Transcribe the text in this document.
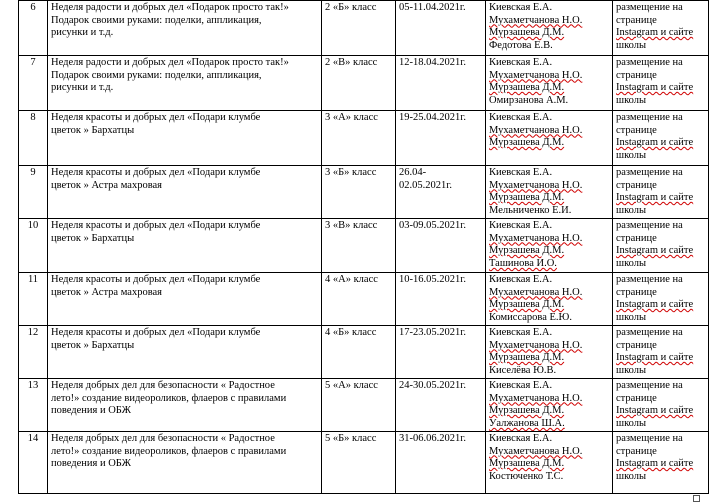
6	Неделя радости и добрых дел «Подарок просто так!»
Подарок своими руками: поделки, аппликация,
рисунки и т.д.	2 «Б» класс	05-11.04.2021г.	Киевская Е.А.
Мухаметчанова Н.О.
Мурзашева Д.М.
Федотова Е.В.	размещение на
странице
Instagram и сайте
школы

7	Неделя радости и добрых дел «Подарок просто так!»
Подарок своими руками: поделки, аппликация,
рисунки и т.д.	2 «В» класс	12-18.04.2021г.	Киевская Е.А.
Мухаметчанова Н.О.
Мурзашева Д.М.
Омирзанова А.М.	размещение на
странице
Instagram и сайте
школы

8	Неделя красоты и добрых дел «Подари клумбе
цветок » Бархатцы	3 «А» класс	19-25.04.2021г.	Киевская Е.А.
Мухаметчанова Н.О.
Мурзашева Д.М.	размещение на
странице
Instagram и сайте
школы

9	Неделя красоты и добрых дел «Подари клумбе
цветок » Астра махровая	3 «Б» класс	26.04-
02.05.2021г.	Киевская Е.А.
Мухаметчанова Н.О.
Мурзашева Д.М.
Мельниченко Е.И.	размещение на
странице
Instagram и сайте
школы

10	Неделя красоты и добрых дел «Подари клумбе
цветок » Бархатцы	3 «В» класс	03-09.05.2021г.	Киевская Е.А.
Мухаметчанова Н.О.
Мурзашева Д.М.
Ташинова И.О.	размещение на
странице
Instagram и сайте
школы

11	Неделя красоты и добрых дел «Подари клумбе
цветок » Астра махровая	4 «А» класс	10-16.05.2021г.	Киевская Е.А.
Мухаметчанова Н.О.
Мурзашева Д.М.
Комиссарова Е.Ю.	размещение на
странице
Instagram и сайте
школы

12	Неделя красоты и добрых дел «Подари клумбе
цветок » Бархатцы	4 «Б» класс	17-23.05.2021г.	Киевская Е.А.
Мухаметчанова Н.О.
Мурзашева Д.М.
Киселёва Ю.В.	размещение на
странице
Instagram и сайте
школы

13	Неделя добрых дел для безопасности « Радостное
лето!» создание видеороликов, флаеров с правилами
поведения и ОБЖ	5 «А» класс	24-30.05.2021г.	Киевская Е.А.
Мухаметчанова Н.О.
Мурзашева Д.М.
Уалжанова Ш.А.	размещение на
странице
Instagram и сайте
школы

14	Неделя добрых дел для безопасности « Радостное
лето!» создание видеороликов, флаеров с правилами
поведения и ОБЖ	5 «Б» класс	31-06.06.2021г.	Киевская Е.А.
Мухаметчанова Н.О.
Мурзашева Д.М.
Костюченко Т.С.	размещение на
странице
Instagram и сайте
школы
